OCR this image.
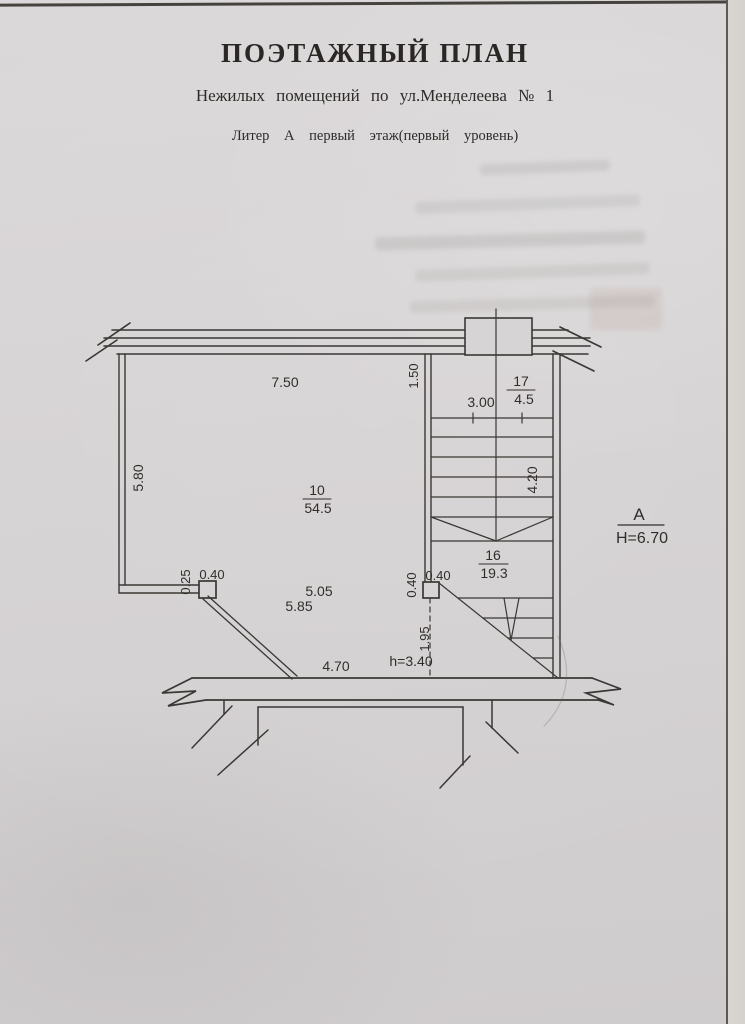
ПОЭТАЖНЫЙ ПЛАН
Нежилых помещений по ул.Менделеева № 1
Литер А первый этаж(первый уровень)
7.50	1.50
3.00
5.80	4.20
0.25 0.40	0.40 0.40
5.05
5.85
1.95
4.70	h=3.40
10
54.5
16
19.3
17
4.5
А
Н=6.70
